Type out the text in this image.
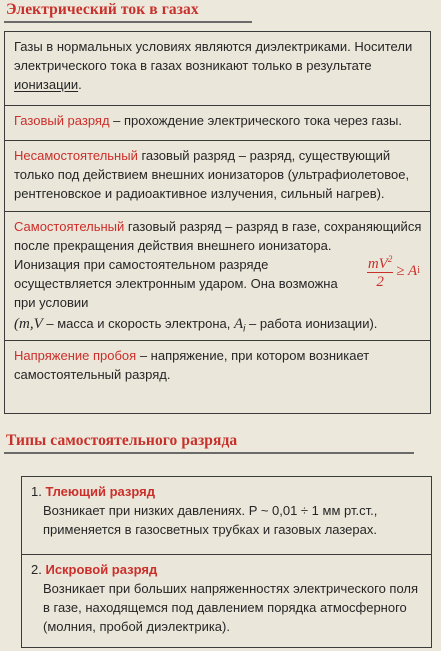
Электрический ток в газах

Газы в нормальных условиях являются диэлектриками. Носители электрического тока в газах возникают только в результате ионизации.

Газовый разряд – прохождение электрического тока через газы.

Несамостоятельный газовый разряд – разряд, существующий только под действием внешних ионизаторов (ультрафиолетовое, рентгеновское и радиоактивное излучения, сильный нагрев).

Самостоятельный газовый разряд – разряд в газе, сохраняющийся после прекращения действия внешнего ионизатора.

$\frac{mV^2}{2} \ge A$ i
Ионизация при самостоятельном разряде осуществляется электронным ударом. Она возможна при условии

(m,V – масса и скорость электрона, $A_i$ – работа ионизации).

Напряжение пробоя – напряжение, при котором возникает самостоятельный разряд.

Типы самостоятельного разряда

1. Тлеющий разряд

Возникает при низких давлениях. P ~ 0,01 ÷ 1 мм рт.ст., применяется в газосветных трубках и газовых лазерах.

2. Искровой разряд

Возникает при больших напряженностях электрического поля в газе, находящемся под давлением порядка атмосферного (молния, пробой диэлектрика).
